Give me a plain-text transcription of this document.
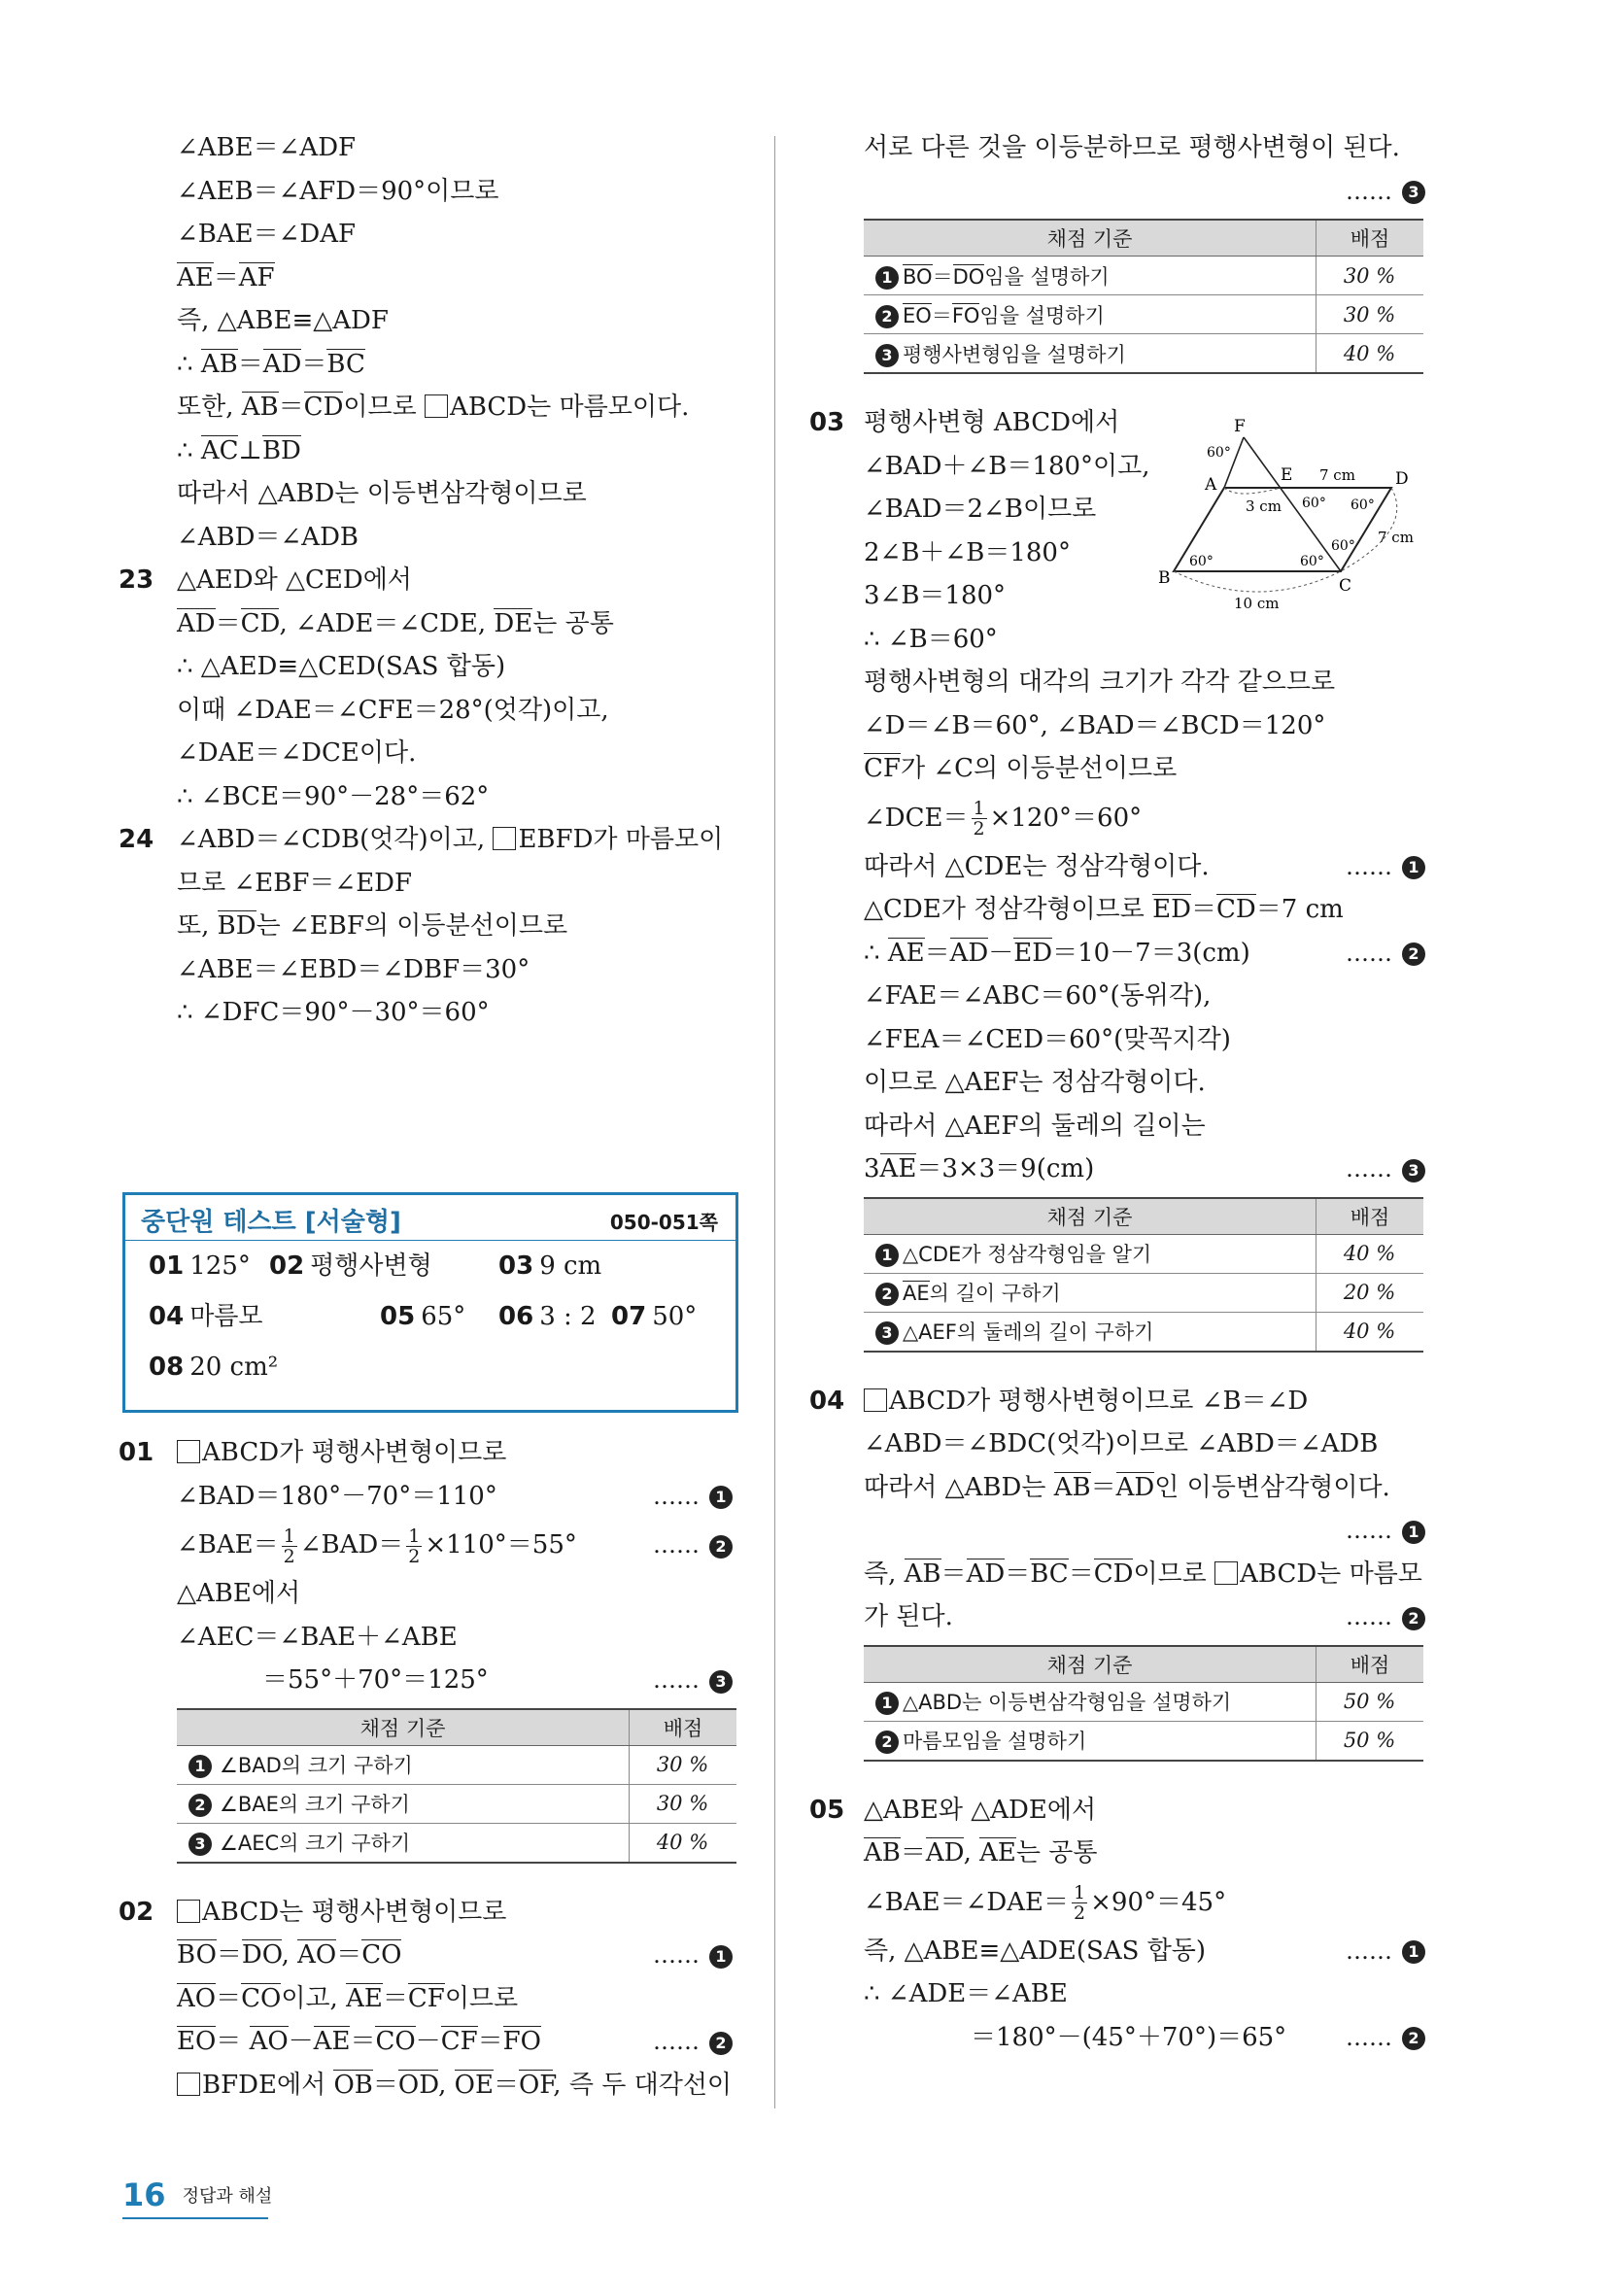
∠ABE＝∠ADF
∠AEB＝∠AFD＝90°이므로
∠BAE＝∠DAF
AE＝AF
즉, △ABE≡△ADF
∴ AB＝AD＝BC
또한, AB＝CD이므로 ABCD는 마름모이다.
∴ AC⊥BD
따라서 △ABD는 이등변삼각형이므로
∠ABD＝∠ADB
23 △AED와 △CED에서
AD＝CD, ∠ADE＝∠CDE, DE는 공통
∴ △AED≡△CED(SAS 합동)
이때 ∠DAE＝∠CFE＝28°(엇각)이고,
∠DAE＝∠DCE이다.
∴ ∠BCE＝90°－28°＝62°
24 ∠ABD＝∠CDB(엇각)이고, EBFD가 마름모이
므로 ∠EBF＝∠EDF
또, BD는 ∠EBF의 이등분선이므로
∠ABE＝∠EBD＝∠DBF＝30°
∴ ∠DFC＝90°－30°＝60°
중단원 테스트 [서술형]	050-051쪽
01 125° 02 평행사변형	03 9 cm
04 마름모	05 65° 06 3 : 2 07 50°
08 20 cm²
01 ABCD가 평행사변형이므로
∠BAD＝180°－70°＝110°	…… 1
∠BAE＝ $\frac{1}{2}$ ∠BAD＝ $\frac{1}{2} \times 110^\circ=55^\circ$	…… 2
△ABE에서
∠AEC＝∠BAE＋∠ABE
＝55°＋70°＝125°	…… 3
채점 기준	배점
1 ∠BAD의 크기 구하기	30 %
2 ∠BAE의 크기 구하기	30 %
3 ∠AEC의 크기 구하기	40 %
02 ABCD는 평행사변형이므로
BO＝DO, AO＝CO	…… 1
AO＝CO이고, AE＝CF이므로
EO＝ AO－AE＝CO－CF＝FO	…… 2
BFDE에서 OB＝OD, OE＝OF, 즉 두 대각선이
서로 다른 것을 이등분하므로 평행사변형이 된다.
…… 3
채점 기준	배점
1 BO＝DO임을 설명하기	30 %
2 EO＝FO임을 설명하기	30 %
3 평행사변형임을 설명하기	40 %
03 평행사변형 ABCD에서
∠BAD＋∠B＝180°이고,
∠BAD＝2∠B이므로
2∠B＋∠B＝180°
3∠B＝180°
∴ ∠B＝60°
평행사변형의 대각의 크기가 각각 같으므로
∠D＝∠B＝60°, ∠BAD＝∠BCD＝120°
CF가 ∠C의 이등분선이므로
∠DCE＝ $\frac{1}{2} \times 120^\circ=60^\circ$
따라서 △CDE는 정삼각형이다.	…… 1
△CDE가 정삼각형이므로 ED＝CD＝7 cm
∴ AE＝AD－ED＝10－7＝3(cm)	…… 2
∠FAE＝∠ABC＝60°(동위각),
∠FEA＝∠CED＝60°(맞꼭지각)
이므로 △AEF는 정삼각형이다.
따라서 △AEF의 둘레의 길이는
3AE＝3×3＝9(cm)	…… 3
채점 기준	배점
1 △CDE가 정삼각형임을 알기	40 %
2 AE의 길이 구하기	20 %
3 △AEF의 둘레의 길이 구하기	40 %
04 ABCD가 평행사변형이므로 ∠B＝∠D
∠ABD＝∠BDC(엇각)이므로 ∠ABD＝∠ADB
따라서 △ABD는 AB＝AD인 이등변삼각형이다.
…… 1
즉, AB＝AD＝BC＝CD이므로 ABCD는 마름모
가 된다.	…… 2
채점 기준	배점
1 △ABD는 이등변삼각형임을 설명하기	50 %
2 마름모임을 설명하기	50 %
05 △ABE와 △ADE에서
AB＝AD, AE는 공통
∠BAE＝∠DAE＝ $\frac{1}{2} \times 90^\circ=45^\circ$
즉, △ABE≡△ADE(SAS 합동)	…… 1
∴ ∠ADE＝∠ABE
＝180°－(45°＋70°)＝65°	…… 2
F
A	E	D
B	C
60°
60° 60°
60°
60°	60°
7 cm
3 cm
7 cm
10 cm
16 정답과 해설
